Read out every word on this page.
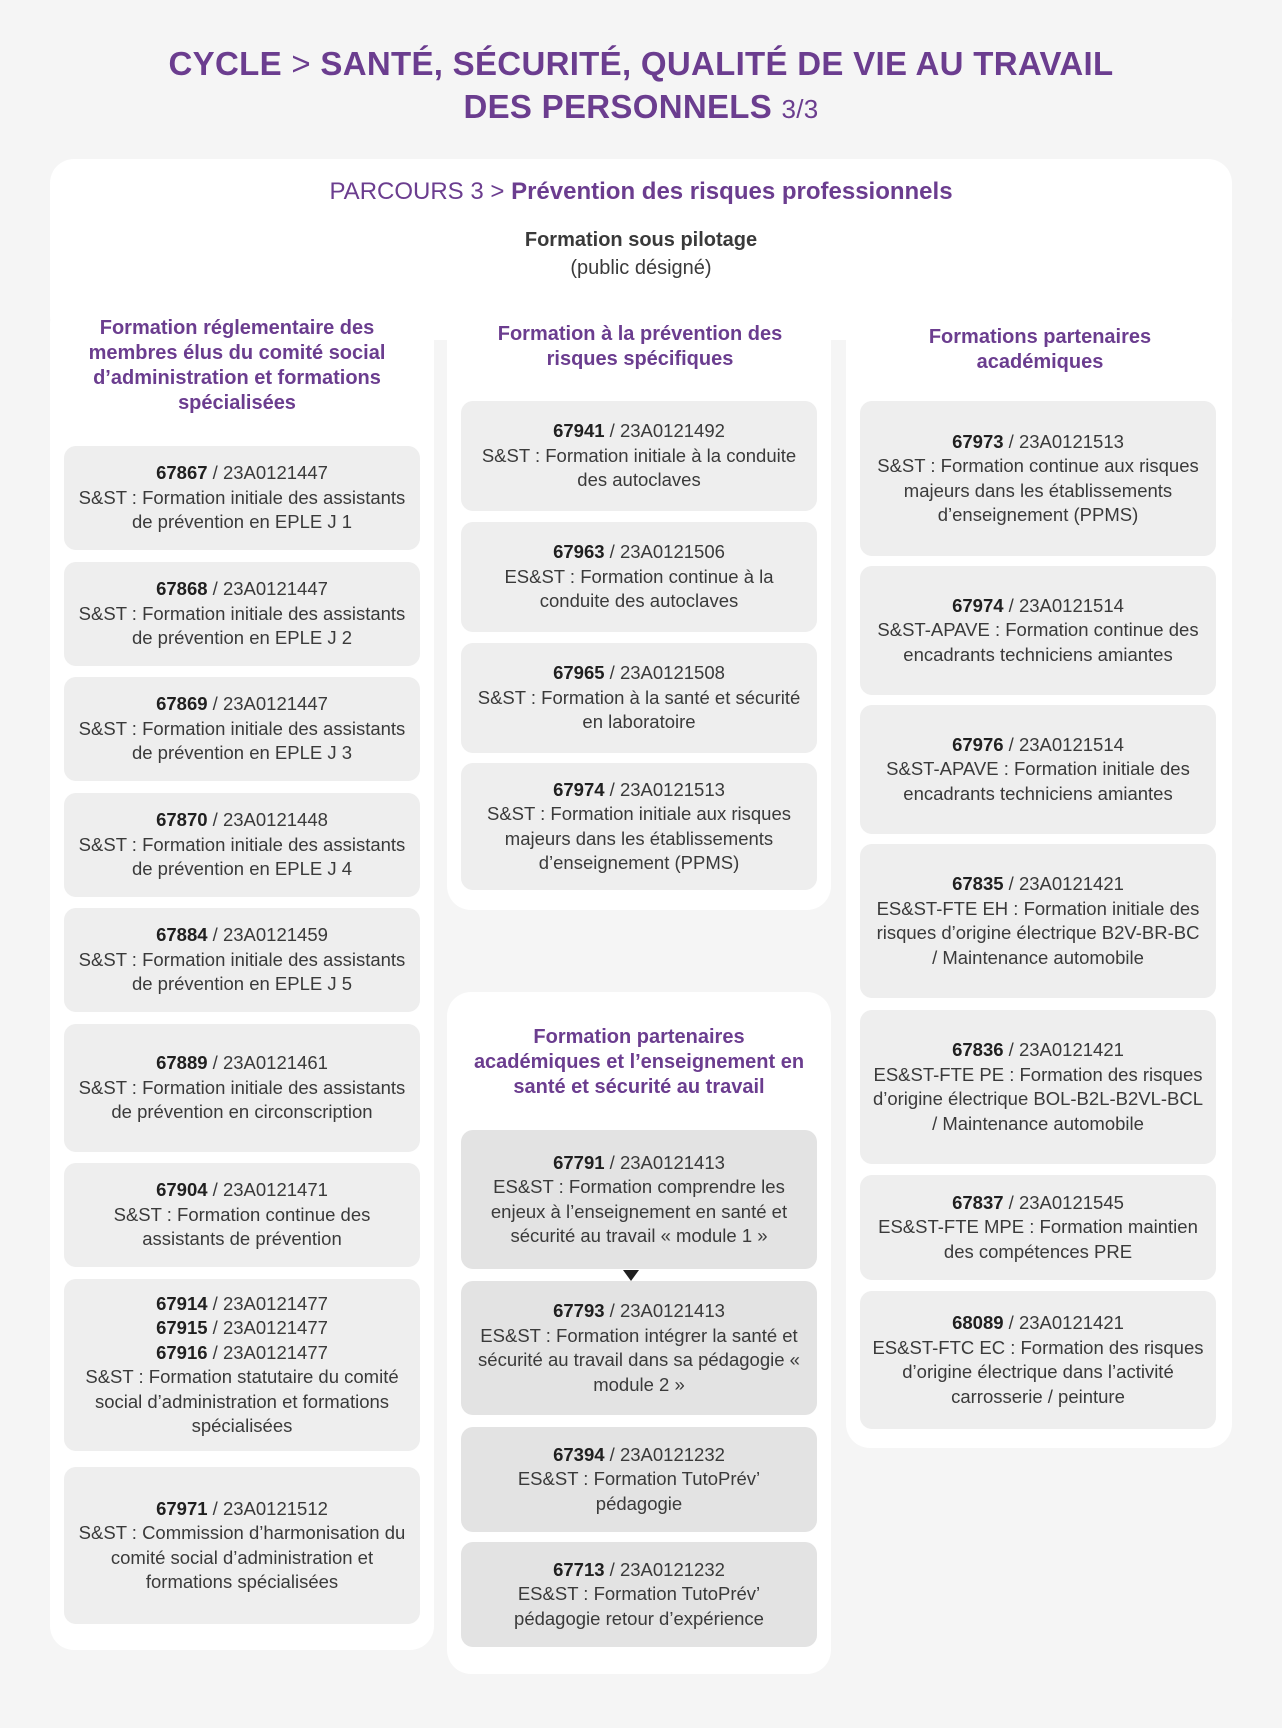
CYCLE > SANTÉ, SÉCURITÉ, QUALITÉ DE VIE AU TRAVAIL
DES PERSONNELS 3/3
PARCOURS 3 > Prévention des risques professionnels
Formation sous pilotage
(public désigné)
Formation réglementaire des membres élus du comité social d’administration et formations spécialisées
Formation à la prévention des risques spécifiques
Formations partenaires académiques
Formation partenaires académiques et l’enseignement en santé et sécurité au travail
67867 / 23A0121447
S&ST : Formation initiale des assistants de prévention en EPLE J 1
67868 / 23A0121447
S&ST : Formation initiale des assistants de prévention en EPLE J 2
67869 / 23A0121447
S&ST : Formation initiale des assistants de prévention en EPLE J 3
67870 / 23A0121448
S&ST : Formation initiale des assistants de prévention en EPLE J 4
67884 / 23A0121459
S&ST : Formation initiale des assistants de prévention en EPLE J 5
67889 / 23A0121461
S&ST : Formation initiale des assistants de prévention en circonscription
67904 / 23A0121471
S&ST : Formation continue des assistants de prévention
67914 / 23A0121477
67915 / 23A0121477
67916 / 23A0121477
S&ST : Formation statutaire du comité social d’administration et formations spécialisées
67971 / 23A0121512
S&ST : Commission d’harmonisation du comité social d’administration et formations spécialisées
67941 / 23A0121492
S&ST : Formation initiale à la conduite des autoclaves
67963 / 23A0121506
ES&ST : Formation continue à la conduite des autoclaves
67965 / 23A0121508
S&ST : Formation à la santé et sécurité en laboratoire
67974 / 23A0121513
S&ST : Formation initiale aux risques majeurs dans les établissements d’enseignement (PPMS)
67791 / 23A0121413
ES&ST : Formation comprendre les enjeux à l’enseignement en santé et sécurité au travail « module 1 »
67793 / 23A0121413
ES&ST : Formation intégrer la santé et sécurité au travail dans sa pédagogie « module 2 »
67394 / 23A0121232
ES&ST : Formation TutoPrév’ pédagogie
67713 / 23A0121232
ES&ST : Formation TutoPrév’ pédagogie retour d’expérience
67973 / 23A0121513
S&ST : Formation continue aux risques majeurs dans les établissements d’enseignement (PPMS)
67974 / 23A0121514
S&ST-APAVE : Formation continue des encadrants techniciens amiantes
67976 / 23A0121514
S&ST-APAVE : Formation initiale des encadrants techniciens amiantes
67835 / 23A0121421
ES&ST-FTE EH : Formation initiale des risques d’origine électrique B2V-BR-BC / Maintenance automobile
67836 / 23A0121421
ES&ST-FTE PE : Formation des risques d’origine électrique BOL-B2L-B2VL-BCL / Maintenance automobile
67837 / 23A0121545
ES&ST-FTE MPE : Formation maintien des compétences PRE
68089 / 23A0121421
ES&ST-FTC EC : Formation des risques d’origine électrique dans l’activité carrosserie / peinture
